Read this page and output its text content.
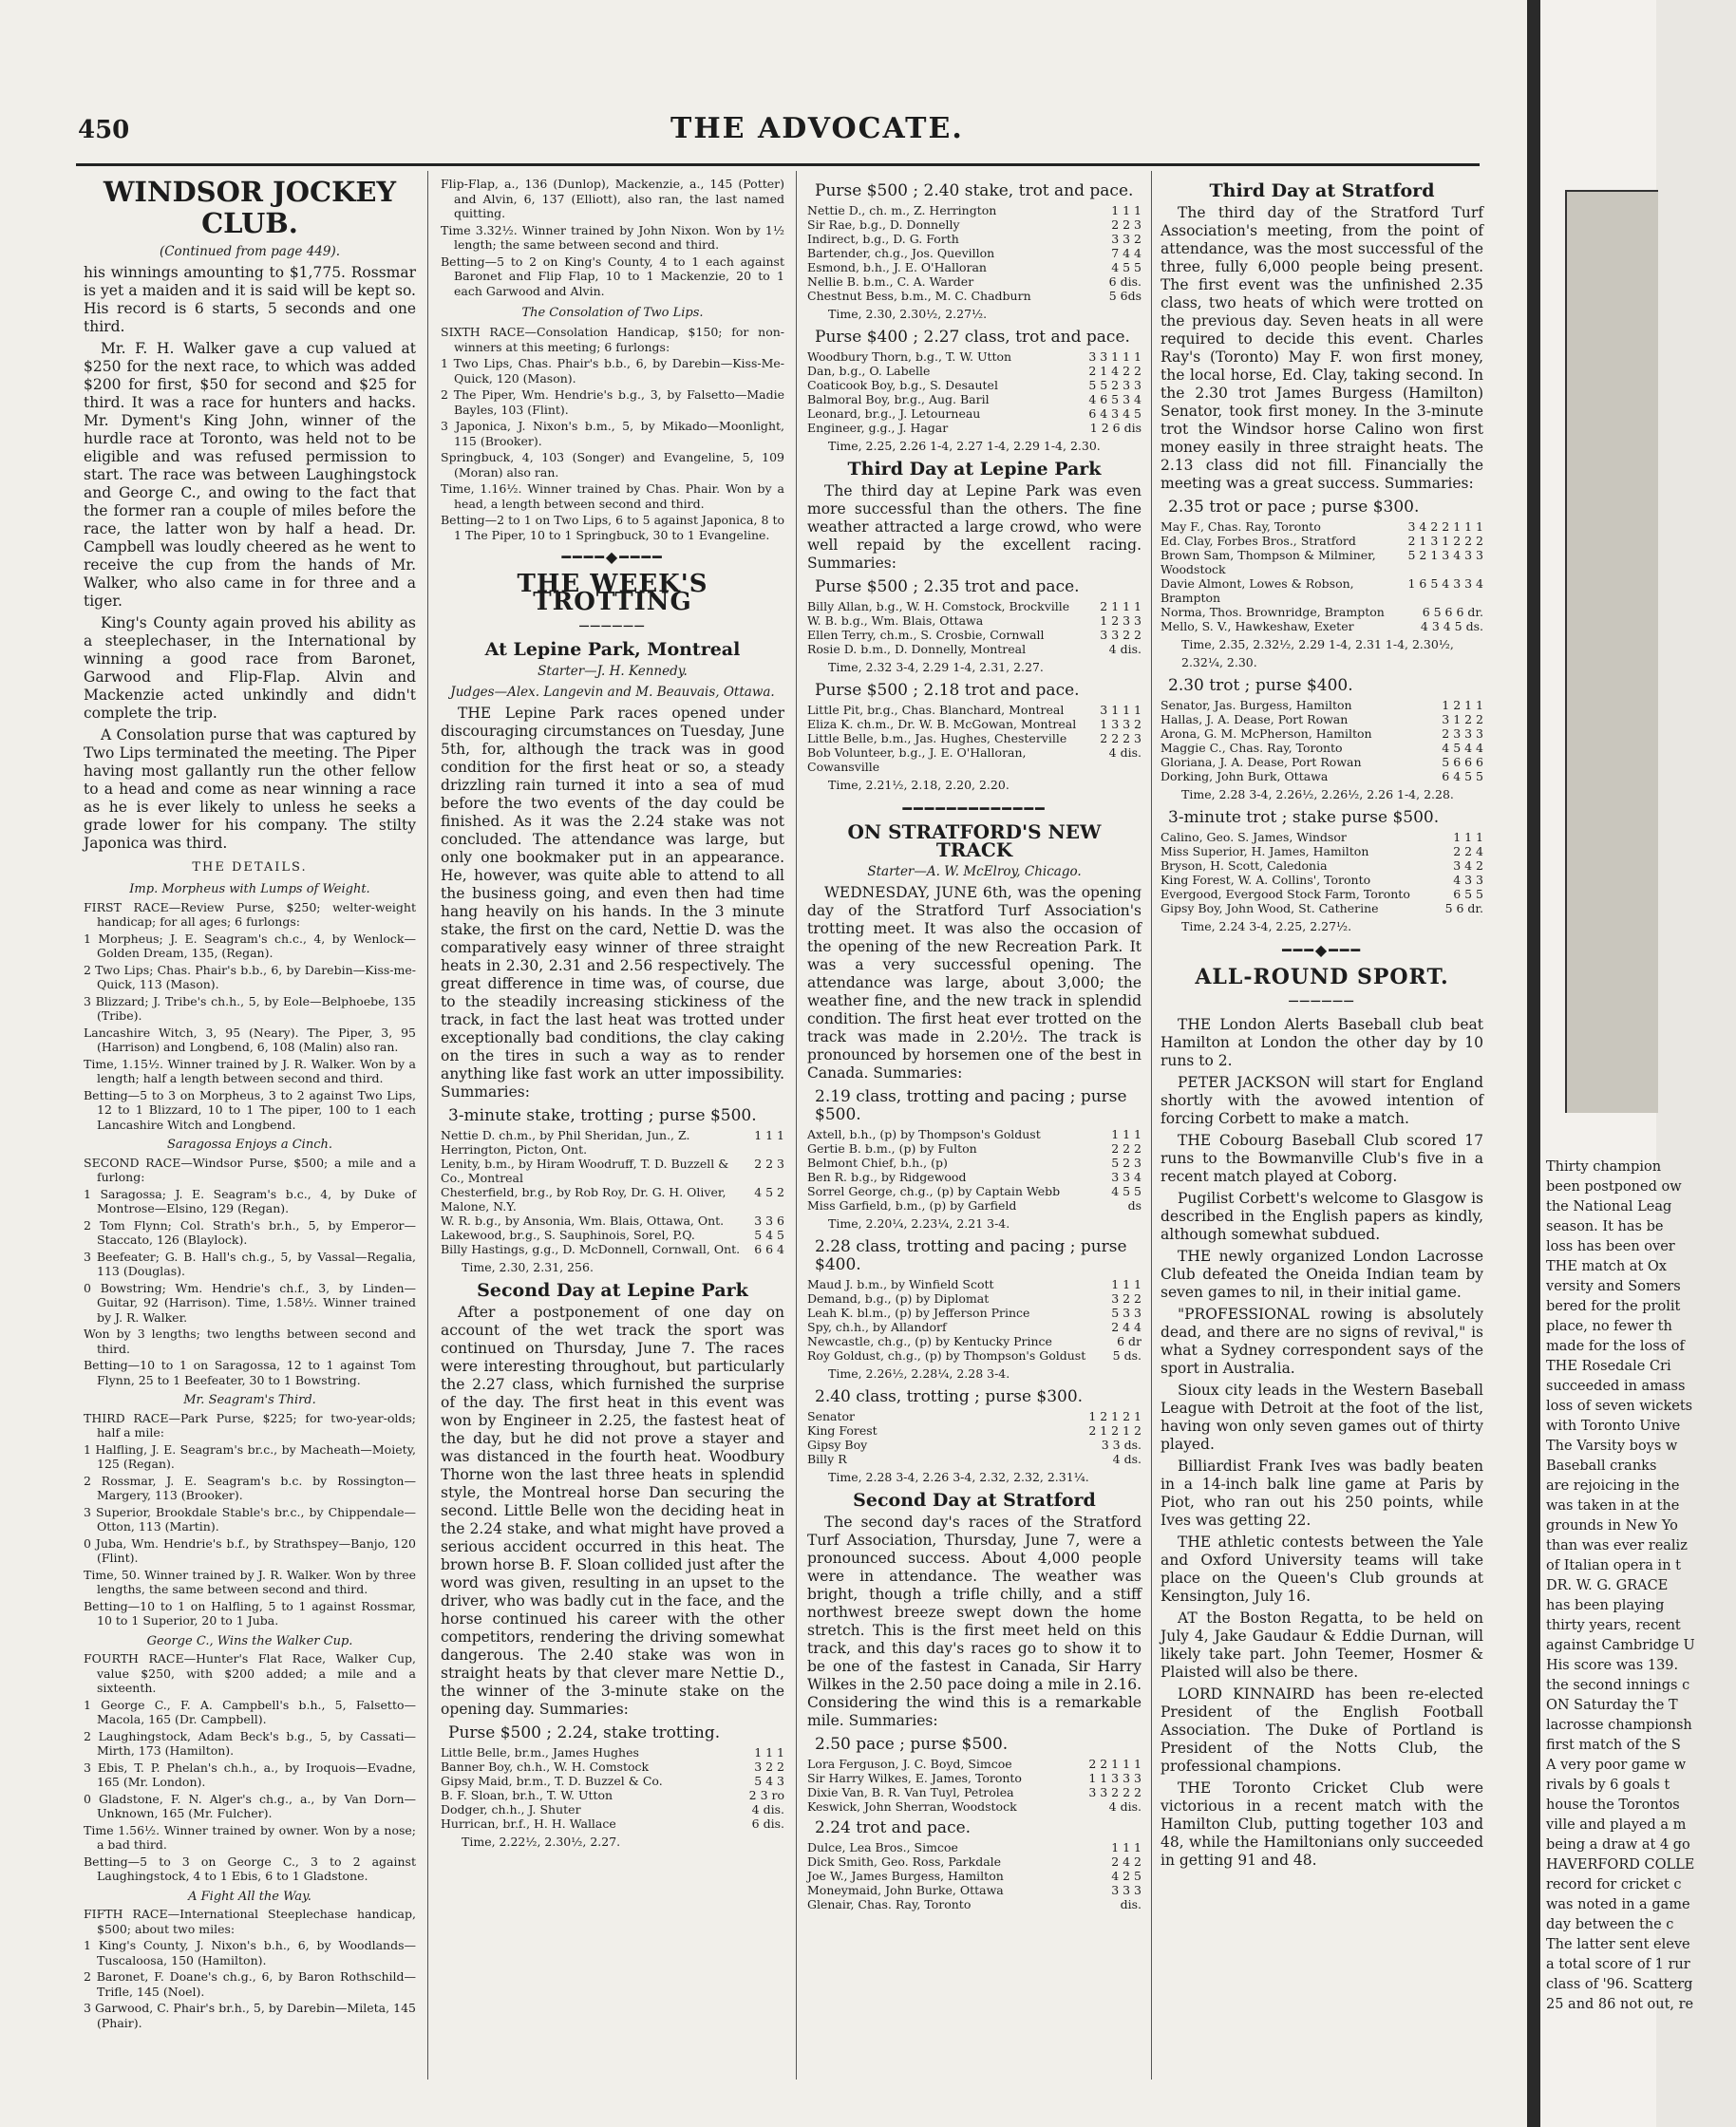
450	THE ADVOCATE.
WINDSOR JOCKEY CLUB.
(Continued from page 449).

his winnings amounting to $1,775. Rossmar is yet a maiden and it is said will be kept so. His record is 6 starts, 5 seconds and one third.

Mr. F. H. Walker gave a cup valued at $250 for the next race, to which was added $200 for first, $50 for second and $25 for third. It was a race for hunters and hacks. Mr. Dyment's King John, winner of the hurdle race at Toronto, was held not to be eligible and was refused permission to start. The race was between Laughingstock and George C., and owing to the fact that the former ran a couple of miles before the race, the latter won by half a head. Dr. Campbell was loudly cheered as he went to receive the cup from the hands of Mr. Walker, who also came in for three and a tiger.

King's County again proved his ability as a steeplechaser, in the International by winning a good race from Baronet, Garwood and Flip-Flap. Alvin and Mackenzie acted unkindly and didn't complete the trip.

A Consolation purse that was captured by Two Lips terminated the meeting. The Piper having most gallantly run the other fellow to a head and come as near winning a race as he is ever likely to unless he seeks a grade lower for his company. The stilty Japonica was third.

THE DETAILS.
Imp. Morpheus with Lumps of Weight.

FIRST RACE—Review Purse, $250; welter-weight handicap; for all ages; 6 furlongs:

1 Morpheus; J. E. Seagram's ch.c., 4, by Wenlock—Golden Dream, 135, (Regan).

2 Two Lips; Chas. Phair's b.b., 6, by Darebin—Kiss-me-Quick, 113 (Mason).

3 Blizzard; J. Tribe's ch.h., 5, by Eole—Belphoebe, 135 (Tribe).

Lancashire Witch, 3, 95 (Neary). The Piper, 3, 95 (Harrison) and Longbend, 6, 108 (Malin) also ran.

Time, 1.15½. Winner trained by J. R. Walker. Won by a length; half a length between second and third.

Betting—5 to 3 on Morpheus, 3 to 2 against Two Lips, 12 to 1 Blizzard, 10 to 1 The piper, 100 to 1 each Lancashire Witch and Longbend.

Saragossa Enjoys a Cinch.

SECOND RACE—Windsor Purse, $500; a mile and a furlong:

1 Saragossa; J. E. Seagram's b.c., 4, by Duke of Montrose—Elsino, 129 (Regan).

2 Tom Flynn; Col. Strath's br.h., 5, by Emperor—Staccato, 126 (Blaylock).

3 Beefeater; G. B. Hall's ch.g., 5, by Vassal—Regalia, 113 (Douglas).

0 Bowstring; Wm. Hendrie's ch.f., 3, by Linden—Guitar, 92 (Harrison). Time, 1.58½. Winner trained by J. R. Walker.

Won by 3 lengths; two lengths between second and third.

Betting—10 to 1 on Saragossa, 12 to 1 against Tom Flynn, 25 to 1 Beefeater, 30 to 1 Bowstring.

Mr. Seagram's Third.

THIRD RACE—Park Purse, $225; for two-year-olds; half a mile:

1 Halfling, J. E. Seagram's br.c., by Macheath—Moiety, 125 (Regan).

2 Rossmar, J. E. Seagram's b.c. by Rossington—Margery, 113 (Brooker).

3 Superior, Brookdale Stable's br.c., by Chippendale—Otton, 113 (Martin).

0 Juba, Wm. Hendrie's b.f., by Strathspey—Banjo, 120 (Flint).

Time, 50. Winner trained by J. R. Walker. Won by three lengths, the same between second and third.

Betting—10 to 1 on Halfling, 5 to 1 against Rossmar, 10 to 1 Superior, 20 to 1 Juba.

George C., Wins the Walker Cup.

FOURTH RACE—Hunter's Flat Race, Walker Cup, value $250, with $200 added; a mile and a sixteenth.

1 George C., F. A. Campbell's b.h., 5, Falsetto—Macola, 165 (Dr. Campbell).

2 Laughingstock, Adam Beck's b.g., 5, by Cassati—Mirth, 173 (Hamilton).

3 Ebis, T. P. Phelan's ch.h., a., by Iroquois—Evadne, 165 (Mr. London).

0 Gladstone, F. N. Alger's ch.g., a., by Van Dorn—Unknown, 165 (Mr. Fulcher).

Time 1.56½. Winner trained by owner. Won by a nose; a bad third.

Betting—5 to 3 on George C., 3 to 2 against Laughingstock, 4 to 1 Ebis, 6 to 1 Gladstone.

A Fight All the Way.

FIFTH RACE—International Steeplechase handicap, $500; about two miles:

1 King's County, J. Nixon's b.h., 6, by Woodlands—Tuscaloosa, 150 (Hamilton).

2 Baronet, F. Doane's ch.g., 6, by Baron Rothschild—Trifle, 145 (Noel).

3 Garwood, C. Phair's br.h., 5, by Darebin—Mileta, 145 (Phair).

Flip-Flap, a., 136 (Dunlop), Mackenzie, a., 145 (Potter) and Alvin, 6, 137 (Elliott), also ran, the last named quitting.

Time 3.32½. Winner trained by John Nixon. Won by 1½ length; the same between second and third.

Betting—5 to 2 on King's County, 4 to 1 each against Baronet and Flip Flap, 10 to 1 Mackenzie, 20 to 1 each Garwood and Alvin.

The Consolation of Two Lips.

SIXTH RACE—Consolation Handicap, $150; for non-winners at this meeting; 6 furlongs:

1 Two Lips, Chas. Phair's b.b., 6, by Darebin—Kiss-Me-Quick, 120 (Mason).

2 The Piper, Wm. Hendrie's b.g., 3, by Falsetto—Madie Bayles, 103 (Flint).

3 Japonica, J. Nixon's b.m., 5, by Mikado—Moonlight, 115 (Brooker).

Springbuck, 4, 103 (Songer) and Evangeline, 5, 109 (Moran) also ran.

Time, 1.16½. Winner trained by Chas. Phair. Won by a head, a length between second and third.

Betting—2 to 1 on Two Lips, 6 to 5 against Japonica, 8 to 1 The Piper, 10 to 1 Springbuck, 30 to 1 Evangeline.

━━━━◆━━━━
THE WEEK'S TROTTING
──────
At Lepine Park, Montreal
Starter—J. H. Kennedy.
Judges—Alex. Langevin and M. Beauvais, Ottawa.

THE Lepine Park races opened under discouraging circumstances on Tuesday, June 5th, for, although the track was in good condition for the first heat or so, a steady drizzling rain turned it into a sea of mud before the two events of the day could be finished. As it was the 2.24 stake was not concluded. The attendance was large, but only one bookmaker put in an appearance. He, however, was quite able to attend to all the business going, and even then had time hang heavily on his hands. In the 3 minute stake, the first on the card, Nettie D. was the comparatively easy winner of three straight heats in 2.30, 2.31 and 2.56 respectively. The great difference in time was, of course, due to the steadily increasing stickiness of the track, in fact the last heat was trotted under exceptionally bad conditions, the clay caking on the tires in such a way as to render anything like fast work an utter impossibility. Summaries:

3-minute stake, trotting ; purse $500.
Nettie D. ch.m., by Phil Sheridan, Jun., Z. Herrington, Picton, Ont.	1 1 1
Lenity, b.m., by Hiram Woodruff, T. D. Buzzell & Co., Montreal	2 2 3
Chesterfield, br.g., by Rob Roy, Dr. G. H. Oliver, Malone, N.Y.	4 5 2
W. R. b.g., by Ansonia, Wm. Blais, Ottawa, Ont.	3 3 6
Lakewood, br.g., S. Sauphinois, Sorel, P.Q.	5 4 5
Billy Hastings, g.g., D. McDonnell, Cornwall, Ont.	6 6 4
Time, 2.30, 2.31, 256.
Second Day at Lepine Park

After a postponement of one day on account of the wet track the sport was continued on Thursday, June 7. The races were interesting throughout, but particularly the 2.27 class, which furnished the surprise of the day. The first heat in this event was won by Engineer in 2.25, the fastest heat of the day, but he did not prove a stayer and was distanced in the fourth heat. Woodbury Thorne won the last three heats in splendid style, the Montreal horse Dan securing the second. Little Belle won the deciding heat in the 2.24 stake, and what might have proved a serious accident occurred in this heat. The brown horse B. F. Sloan collided just after the word was given, resulting in an upset to the driver, who was badly cut in the face, and the horse continued his career with the other competitors, rendering the driving somewhat dangerous. The 2.40 stake was won in straight heats by that clever mare Nettie D., the winner of the 3-minute stake on the opening day. Summaries:

Purse $500 ; 2.24, stake trotting.
Little Belle, br.m., James Hughes	1 1 1
Banner Boy, ch.h., W. H. Comstock	3 2 2
Gipsy Maid, br.m., T. D. Buzzel & Co.	5 4 3
B. F. Sloan, br.h., T. W. Utton	2 3 ro
Dodger, ch.h., J. Shuter	4 dis.
Hurrican, br.f., H. H. Wallace	6 dis.
Time, 2.22½, 2.30½, 2.27.
Purse $500 ; 2.40 stake, trot and pace.
Nettie D., ch. m., Z. Herrington	1 1 1
Sir Rae, b.g., D. Donnelly	2 2 3
Indirect, b.g., D. G. Forth	3 3 2
Bartender, ch.g., Jos. Quevillon	7 4 4
Esmond, b.h., J. E. O'Halloran	4 5 5
Nellie B. b.m., C. A. Warder	6 dis.
Chestnut Bess, b.m., M. C. Chadburn	5 6ds
Time, 2.30, 2.30½, 2.27½.
Purse $400 ; 2.27 class, trot and pace.
Woodbury Thorn, b.g., T. W. Utton	3 3 1 1 1
Dan, b.g., O. Labelle	2 1 4 2 2
Coaticook Boy, b.g., S. Desautel	5 5 2 3 3
Balmoral Boy, br.g., Aug. Baril	4 6 5 3 4
Leonard, br.g., J. Letourneau	6 4 3 4 5
Engineer, g.g., J. Hagar	1 2 6 dis
Time, 2.25, 2.26 1-4, 2.27 1-4, 2.29 1-4, 2.30.
Third Day at Lepine Park

The third day at Lepine Park was even more successful than the others. The fine weather attracted a large crowd, who were well repaid by the excellent racing. Summaries:

Purse $500 ; 2.35 trot and pace.
Billy Allan, b.g., W. H. Comstock, Brockville	2 1 1 1
W. B. b.g., Wm. Blais, Ottawa	1 2 3 3
Ellen Terry, ch.m., S. Crosbie, Cornwall	3 3 2 2
Rosie D. b.m., D. Donnelly, Montreal	4 dis.
Time, 2.32 3-4, 2.29 1-4, 2.31, 2.27.
Purse $500 ; 2.18 trot and pace.
Little Pit, br.g., Chas. Blanchard, Montreal	3 1 1 1
Eliza K. ch.m., Dr. W. B. McGowan, Montreal	1 3 3 2
Little Belle, b.m., Jas. Hughes, Chesterville	2 2 2 3
Bob Volunteer, b.g., J. E. O'Halloran, Cowansville	4 dis.
Time, 2.21½, 2.18, 2.20, 2.20.
━━━━━━━━━━━━━
ON STRATFORD'S NEW TRACK
Starter—A. W. McElroy, Chicago.

WEDNESDAY, JUNE 6th, was the opening day of the Stratford Turf Association's trotting meet. It was also the occasion of the opening of the new Recreation Park. It was a very successful opening. The attendance was large, about 3,000; the weather fine, and the new track in splendid condition. The first heat ever trotted on the track was made in 2.20½. The track is pronounced by horsemen one of the best in Canada. Summaries:

2.19 class, trotting and pacing ; purse $500.
Axtell, b.h., (p) by Thompson's Goldust	1 1 1
Gertie B. b.m., (p) by Fulton	2 2 2
Belmont Chief, b.h., (p)	5 2 3
Ben R. b.g., by Ridgewood	3 3 4
Sorrel George, ch.g., (p) by Captain Webb	4 5 5
Miss Garfield, b.m., (p) by Garfield	ds
Time, 2.20¼, 2.23¼, 2.21 3-4.
2.28 class, trotting and pacing ; purse $400.
Maud J. b.m., by Winfield Scott	1 1 1
Demand, b.g., (p) by Diplomat	3 2 2
Leah K. bl.m., (p) by Jefferson Prince	5 3 3
Spy, ch.h., by Allandorf	2 4 4
Newcastle, ch.g., (p) by Kentucky Prince	6 dr
Roy Goldust, ch.g., (p) by Thompson's Goldust	5 ds.
Time, 2.26½, 2.28¼, 2.28 3-4.
2.40 class, trotting ; purse $300.
Senator	1 2 1 2 1
King Forest	2 1 2 1 2
Gipsy Boy	3 3 ds.
Billy R	4 ds.
Time, 2.28 3-4, 2.26 3-4, 2.32, 2.32, 2.31¼.
Second Day at Stratford

The second day's races of the Stratford Turf Association, Thursday, June 7, were a pronounced success. About 4,000 people were in attendance. The weather was bright, though a trifle chilly, and a stiff northwest breeze swept down the home stretch. This is the first meet held on this track, and this day's races go to show it to be one of the fastest in Canada, Sir Harry Wilkes in the 2.50 pace doing a mile in 2.16. Considering the wind this is a remarkable mile. Summaries:

2.50 pace ; purse $500.
Lora Ferguson, J. C. Boyd, Simcoe	2 2 1 1 1
Sir Harry Wilkes, E. James, Toronto	1 1 3 3 3
Dixie Van, B. R. Van Tuyl, Petrolea	3 3 2 2 2
Keswick, John Sherran, Woodstock	4 dis.
2.24 trot and pace.
Dulce, Lea Bros., Simcoe	1 1 1
Dick Smith, Geo. Ross, Parkdale	2 4 2
Joe W., James Burgess, Hamilton	4 2 5
Moneymaid, John Burke, Ottawa	3 3 3
Glenair, Chas. Ray, Toronto	dis.
Third Day at Stratford

The third day of the Stratford Turf Association's meeting, from the point of attendance, was the most successful of the three, fully 6,000 people being present. The first event was the unfinished 2.35 class, two heats of which were trotted on the previous day. Seven heats in all were required to decide this event. Charles Ray's (Toronto) May F. won first money, the local horse, Ed. Clay, taking second. In the 2.30 trot James Burgess (Hamilton) Senator, took first money. In the 3-minute trot the Windsor horse Calino won first money easily in three straight heats. The 2.13 class did not fill. Financially the meeting was a great success. Summaries:

2.35 trot or pace ; purse $300.
May F., Chas. Ray, Toronto	3 4 2 2 1 1 1
Ed. Clay, Forbes Bros., Stratford	2 1 3 1 2 2 2
Brown Sam, Thompson & Milminer, Woodstock	5 2 1 3 4 3 3
Davie Almont, Lowes & Robson, Brampton	1 6 5 4 3 3 4
Norma, Thos. Brownridge, Brampton	6 5 6 6 dr.
Mello, S. V., Hawkeshaw, Exeter	4 3 4 5 ds.
Time, 2.35, 2.32½, 2.29 1-4, 2.31 1-4, 2.30½, 2.32¼, 2.30.
2.30 trot ; purse $400.
Senator, Jas. Burgess, Hamilton	1 2 1 1
Hallas, J. A. Dease, Port Rowan	3 1 2 2
Arona, G. M. McPherson, Hamilton	2 3 3 3
Maggie C., Chas. Ray, Toronto	4 5 4 4
Gloriana, J. A. Dease, Port Rowan	5 6 6 6
Dorking, John Burk, Ottawa	6 4 5 5
Time, 2.28 3-4, 2.26½, 2.26½, 2.26 1-4, 2.28.
3-minute trot ; stake purse $500.
Calino, Geo. S. James, Windsor	1 1 1
Miss Superior, H. James, Hamilton	2 2 4
Bryson, H. Scott, Caledonia	3 4 2
King Forest, W. A. Collins', Toronto	4 3 3
Evergood, Evergood Stock Farm, Toronto	6 5 5
Gipsy Boy, John Wood, St. Catherine	5 6 dr.
Time, 2.24 3-4, 2.25, 2.27½.
━━━◆━━━
ALL-ROUND SPORT.
──────

THE London Alerts Baseball club beat Hamilton at London the other day by 10 runs to 2.

PETER JACKSON will start for England shortly with the avowed intention of forcing Corbett to make a match.

THE Cobourg Baseball Club scored 17 runs to the Bowmanville Club's five in a recent match played at Coborg.

Pugilist Corbett's welcome to Glasgow is described in the English papers as kindly, although somewhat subdued.

THE newly organized London Lacrosse Club defeated the Oneida Indian team by seven games to nil, in their initial game.

"PROFESSIONAL rowing is absolutely dead, and there are no signs of revival," is what a Sydney correspondent says of the sport in Australia.

Sioux city leads in the Western Baseball League with Detroit at the foot of the list, having won only seven games out of thirty played.

Billiardist Frank Ives was badly beaten in a 14-inch balk line game at Paris by Piot, who ran out his 250 points, while Ives was getting 22.

THE athletic contests between the Yale and Oxford University teams will take place on the Queen's Club grounds at Kensington, July 16.

AT the Boston Regatta, to be held on July 4, Jake Gaudaur & Eddie Durnan, will likely take part. John Teemer, Hosmer & Plaisted will also be there.

LORD KINNAIRD has been re-elected President of the English Football Association. The Duke of Portland is President of the Notts Club, the professional champions.

THE Toronto Cricket Club were victorious in a recent match with the Hamilton Club, putting together 103 and 48, while the Hamiltonians only succeeded in getting 91 and 48.

Thirty champion

been postponed ow

the National Leag

season. It has be

loss has been over

THE match at Ox

versity and Somers

bered for the prolit

place, no fewer th

made for the loss of

THE Rosedale Cri

succeeded in amass

loss of seven wickets

with Toronto Unive

The Varsity boys w

Baseball cranks

are rejoicing in the

was taken in at the

grounds in New Yo

than was ever realiz

of Italian opera in t

DR. W. G. GRACE

has been playing

thirty years, recent

against Cambridge U

His score was 139.

the second innings c

ON Saturday the T

lacrosse championsh

first match of the S

A very poor game w

rivals by 6 goals t

house the Torontos

ville and played a m

being a draw at 4 go

HAVERFORD COLLE

record for cricket c

was noted in a game

day between the c

The latter sent eleve

a total score of 1 rur

class of '96. Scatterg

25 and 86 not out, re
